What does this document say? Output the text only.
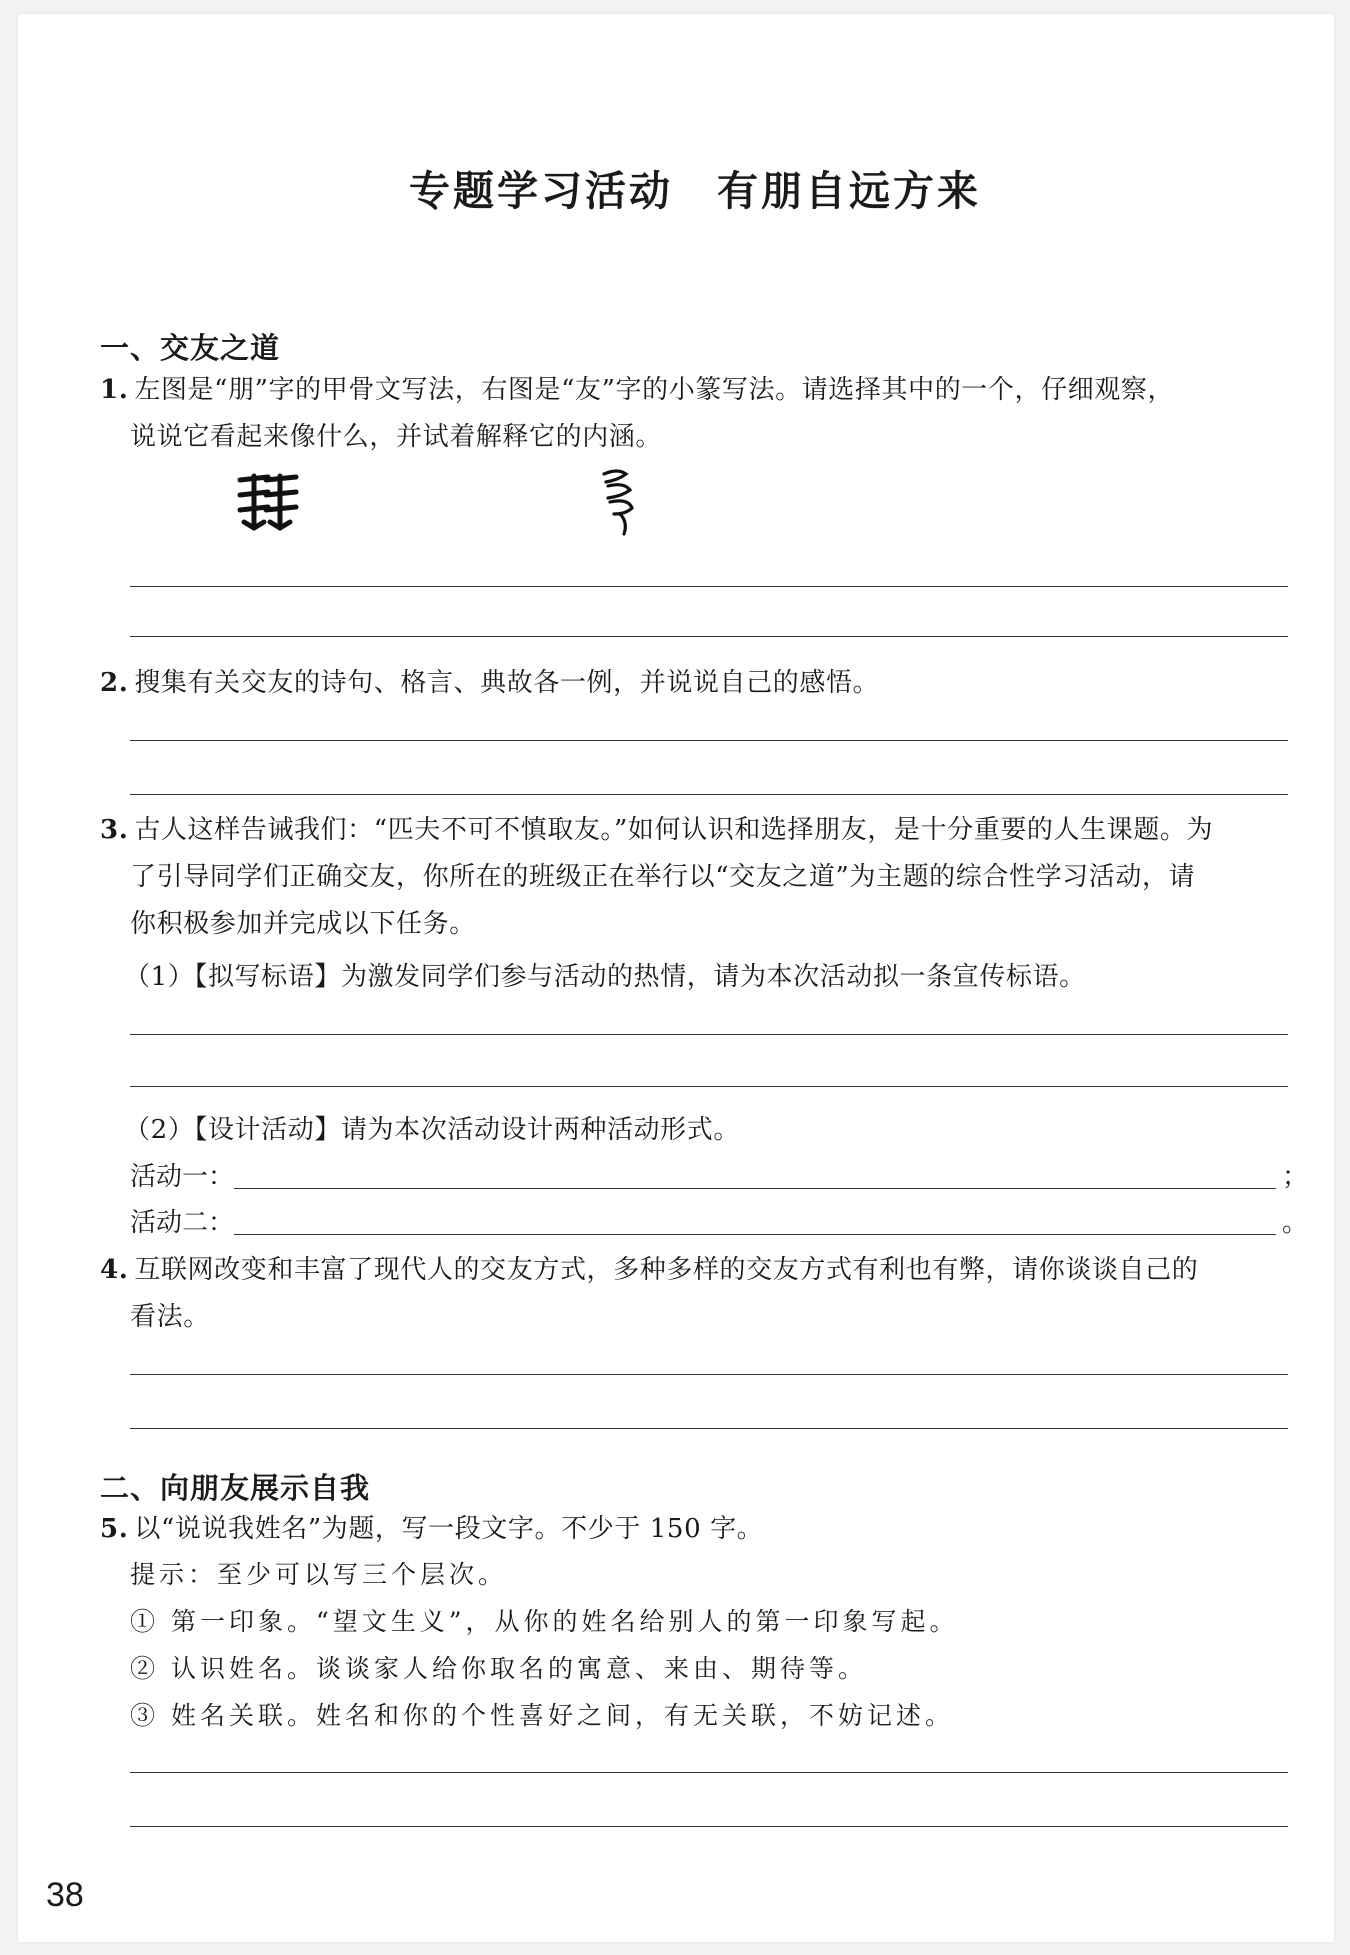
专题学习活动 有朋自远方来
一、交友之道
1. 左图是“朋”字的甲骨文写法，右图是“友”字的小篆写法。请选择其中的一个，仔细观察，
说说它看起来像什么，并试着解释它的内涵。
2. 搜集有关交友的诗句、格言、典故各一例，并说说自己的感悟。
3. 古人这样告诫我们：“匹夫不可不慎取友。”如何认识和选择朋友，是十分重要的人生课题。为
了引导同学们正确交友，你所在的班级正在举行以“交友之道”为主题的综合性学习活动，请
你积极参加并完成以下任务。
（1）【拟写标语】为激发同学们参与活动的热情，请为本次活动拟一条宣传标语。
（2）【设计活动】请为本次活动设计两种活动形式。
活动一：	；
活动二：	。
4. 互联网改变和丰富了现代人的交友方式，多种多样的交友方式有利也有弊，请你谈谈自己的
看法。
二、向朋友展示自我
5. 以“说说我姓名”为题，写一段文字。不少于 150 字。
提示：至少可以写三个层次。
① 第一印象。“望文生义”，从你的姓名给别人的第一印象写起。
② 认识姓名。谈谈家人给你取名的寓意、来由、期待等。
③ 姓名关联。姓名和你的个性喜好之间，有无关联，不妨记述。
38
